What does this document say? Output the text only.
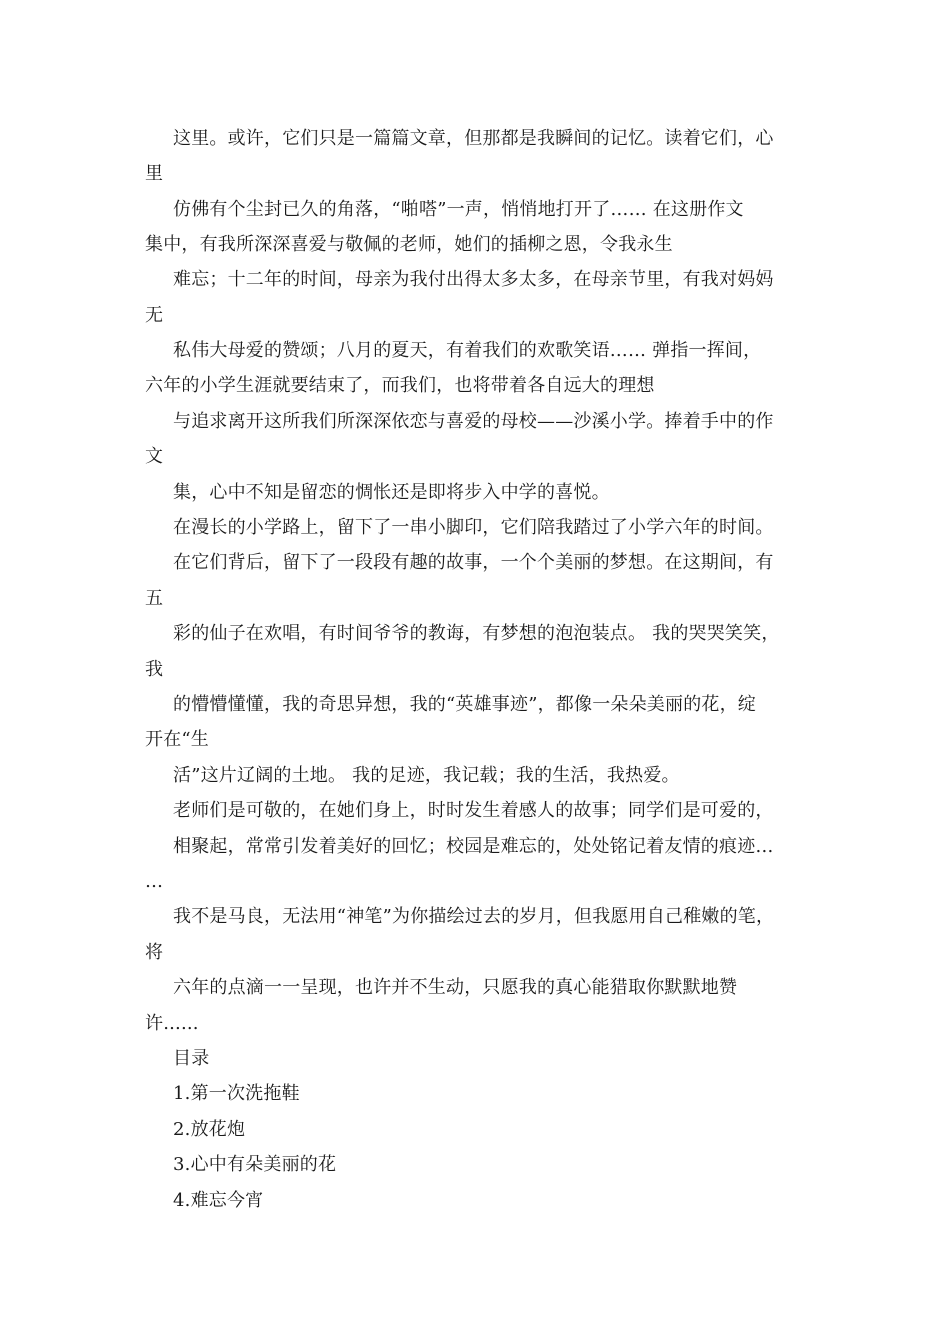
这里。或许，它们只是一篇篇文章，但那都是我瞬间的记忆。读着它们，心
里
仿佛有个尘封已久的角落，“啪嗒”一声，悄悄地打开了…… 在这册作文
集中，有我所深深喜爱与敬佩的老师，她们的插柳之恩，令我永生
难忘；十二年的时间，母亲为我付出得太多太多，在母亲节里，有我对妈妈
无
私伟大母爱的赞颂；八月的夏天，有着我们的欢歌笑语…… 弹指一挥间，
六年的小学生涯就要结束了，而我们，也将带着各自远大的理想
与追求离开这所我们所深深依恋与喜爱的母校——沙溪小学。捧着手中的作
文
集，心中不知是留恋的惆怅还是即将步入中学的喜悦。
在漫长的小学路上，留下了一串小脚印，它们陪我踏过了小学六年的时间。
在它们背后，留下了一段段有趣的故事，一个个美丽的梦想。在这期间，有
五
彩的仙子在欢唱，有时间爷爷的教诲，有梦想的泡泡装点。 我的哭哭笑笑，
我
的懵懵懂懂，我的奇思异想，我的“英雄事迹”，都像一朵朵美丽的花，绽
开在“生
活”这片辽阔的土地。 我的足迹，我记载；我的生活，我热爱。
老师们是可敬的，在她们身上，时时发生着感人的故事；同学们是可爱的，
相聚起，常常引发着美好的回忆；校园是难忘的，处处铭记着友情的痕迹…
…
我不是马良，无法用“神笔”为你描绘过去的岁月，但我愿用自己稚嫩的笔，
将
六年的点滴一一呈现，也许并不生动，只愿我的真心能猎取你默默地赞
许......
目录
1.第一次洗拖鞋
2.放花炮
3.心中有朵美丽的花
4.难忘今宵
